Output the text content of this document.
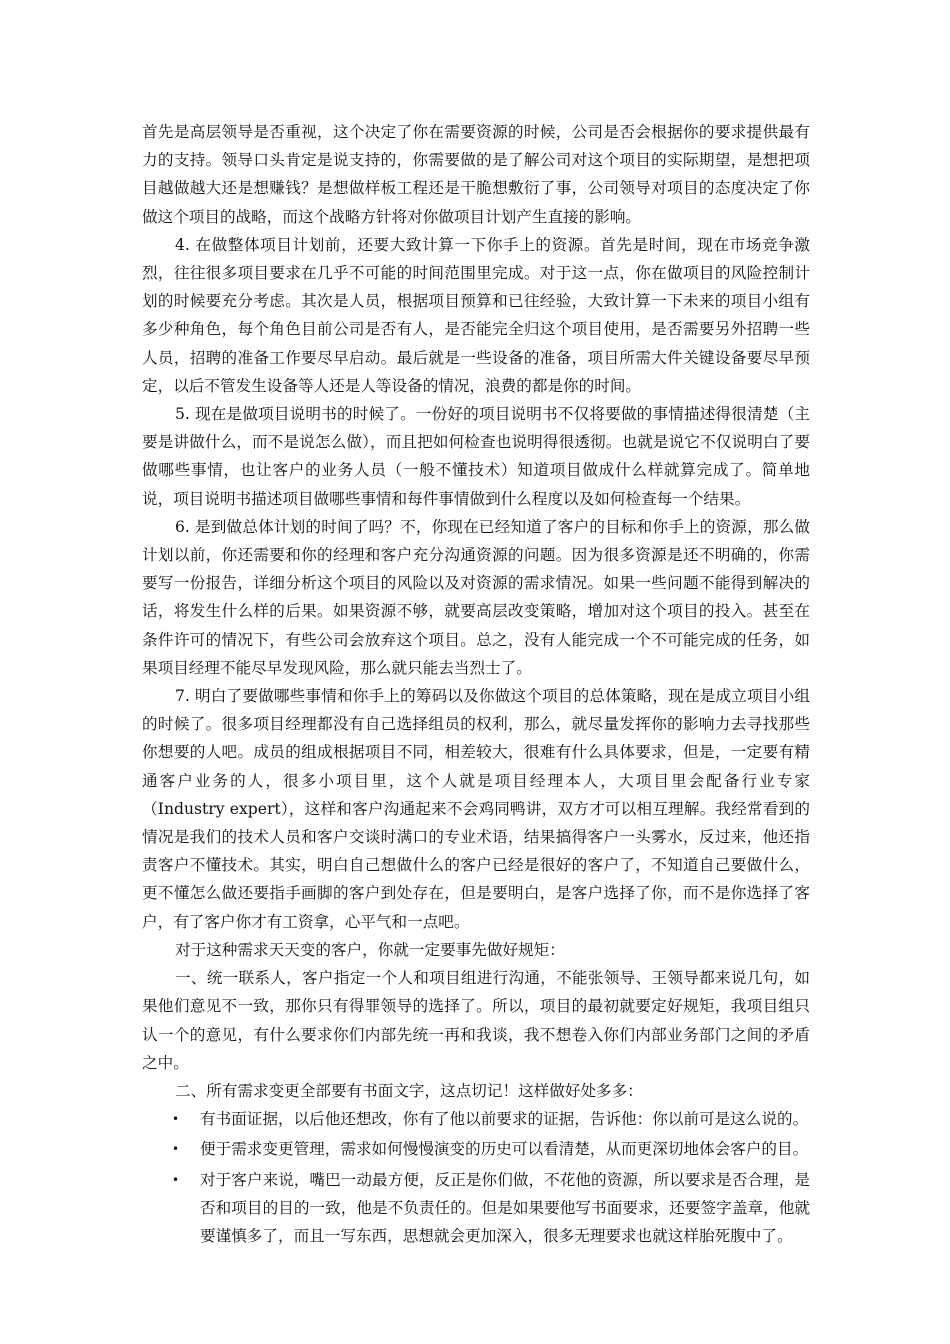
首先是高层领导是否重视，这个决定了你在需要资源的时候，公司是否会根据你的要求提供最有力的支持。领导口头肯定是说支持的，你需要做的是了解公司对这个项目的实际期望，是想把项目越做越大还是想赚钱？是想做样板工程还是干脆想敷衍了事，公司领导对项目的态度决定了你做这个项目的战略，而这个战略方针将对你做项目计划产生直接的影响。

4. 在做整体项目计划前，还要大致计算一下你手上的资源。首先是时间，现在市场竞争激烈，往往很多项目要求在几乎不可能的时间范围里完成。对于这一点，你在做项目的风险控制计划的时候要充分考虑。其次是人员，根据项目预算和已往经验，大致计算一下未来的项目小组有多少种角色，每个角色目前公司是否有人，是否能完全归这个项目使用，是否需要另外招聘一些人员，招聘的准备工作要尽早启动。最后就是一些设备的准备，项目所需大件关键设备要尽早预定，以后不管发生设备等人还是人等设备的情况，浪费的都是你的时间。

5. 现在是做项目说明书的时候了。一份好的项目说明书不仅将要做的事情描述得很清楚（主要是讲做什么，而不是说怎么做），而且把如何检查也说明得很透彻。也就是说它不仅说明白了要做哪些事情，也让客户的业务人员（一般不懂技术）知道项目做成什么样就算完成了。简单地说，项目说明书描述项目做哪些事情和每件事情做到什么程度以及如何检查每一个结果。

6. 是到做总体计划的时间了吗？不，你现在已经知道了客户的目标和你手上的资源，那么做计划以前，你还需要和你的经理和客户充分沟通资源的问题。因为很多资源是还不明确的，你需要写一份报告，详细分析这个项目的风险以及对资源的需求情况。如果一些问题不能得到解决的话，将发生什么样的后果。如果资源不够，就要高层改变策略，增加对这个项目的投入。甚至在条件许可的情况下，有些公司会放弃这个项目。总之，没有人能完成一个不可能完成的任务，如果项目经理不能尽早发现风险，那么就只能去当烈士了。

7. 明白了要做哪些事情和你手上的筹码以及你做这个项目的总体策略，现在是成立项目小组的时候了。很多项目经理都没有自己选择组员的权利，那么，就尽量发挥你的影响力去寻找那些你想要的人吧。成员的组成根据项目不同，相差较大，很难有什么具体要求，但是，一定要有精通客户业务的人，很多小项目里，这个人就是项目经理本人，大项目里会配备行业专家（Industry expert），这样和客户沟通起来不会鸡同鸭讲，双方才可以相互理解。我经常看到的情况是我们的技术人员和客户交谈时满口的专业术语，结果搞得客户一头雾水，反过来，他还指责客户不懂技术。其实，明白自己想做什么的客户已经是很好的客户了，不知道自己要做什么，更不懂怎么做还要指手画脚的客户到处存在，但是要明白，是客户选择了你，而不是你选择了客户，有了客户你才有工资拿，心平气和一点吧。

对于这种需求天天变的客户，你就一定要事先做好规矩：

一、统一联系人，客户指定一个人和项目组进行沟通，不能张领导、王领导都来说几句，如果他们意见不一致，那你只有得罪领导的选择了。所以，项目的最初就要定好规矩，我项目组只认一个的意见，有什么要求你们内部先统一再和我谈，我不想卷入你们内部业务部门之间的矛盾之中。

二、所有需求变更全部要有书面文字，这点切记！这样做好处多多：

• 有书面证据，以后他还想改，你有了他以前要求的证据，告诉他：你以前可是这么说的。
• 便于需求变更管理，需求如何慢慢演变的历史可以看清楚，从而更深切地体会客户的目。
• 对于客户来说，嘴巴一动最方便，反正是你们做，不花他的资源，所以要求是否合理，是否和项目的目的一致，他是不负责任的。但是如果要他写书面要求，还要签字盖章，他就要谨慎多了，而且一写东西，思想就会更加深入，很多无理要求也就这样胎死腹中了。
